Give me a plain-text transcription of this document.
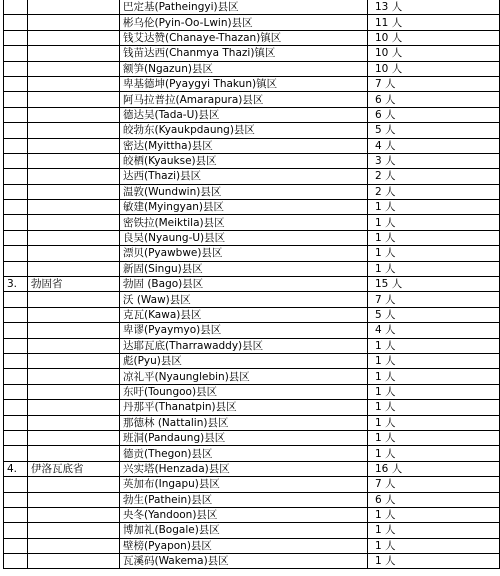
		巴定基(Patheingyi)县区	13 人
		彬乌伦(Pyin-Oo-Lwin)县区	11 人
		钱艾达赞(Chanaye-Thazan)镇区	10 人
		钱苗达西(Chanmya Thazi)镇区	10 人
		额笋(Ngazun)县区	10 人
		卑基德坤(Pyaygyi Thakun)镇区	7 人
		阿马拉普拉(Amarapura)县区	6 人
		德达吴(Tada-U)县区	6 人
		皎勃东(Kyaukpdaung)县区	5 人
		密达(Myittha)县区	4 人
		皎栖(Kyaukse)县区	3 人
		达西(Thazi)县区	2 人
		温敦(Wundwin)县区	2 人
		敏建(Myingyan)县区	1 人
		密铁拉(Meiktila)县区	1 人
		良吴(Nyaung-U)县区	1 人
		漂贝(Pyawbwe)县区	1 人
		新固(Singu)县区	1 人
3.	勃固省	勃固 (Bago)县区	15 人
		沃 (Waw)县区	7 人
		克瓦(Kawa)县区	5 人
		卑谬(Pyaymyo)县区	4 人
		达耶瓦底(Tharrawaddy)县区	1 人
		彪(Pyu)县区	1 人
		凉礼平(Nyaunglebin)县区	1 人
		东吁(Toungoo)县区	1 人
		丹那平(Thanatpin)县区	1 人
		那德林 (Nattalin)县区	1 人
		班洞(Pandaung)县区	1 人
		德贡(Thegon)县区	1 人
4.	伊洛瓦底省	兴实塔(Henzada)县区	16 人
		英加布(Ingapu)县区	7 人
		勃生(Pathein)县区	6 人
		央冬(Yandoon)县区	1 人
		博加礼(Bogale)县区	1 人
		壁榜(Pyapon)县区	1 人
		瓦溪码(Wakema)县区	1 人
